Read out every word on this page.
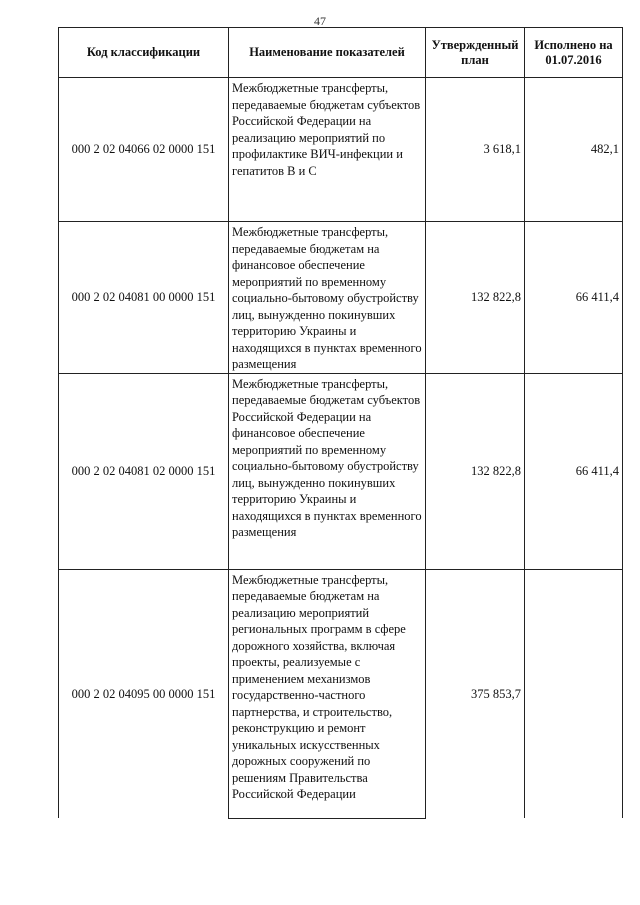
47
Код классификации	Наименование показателей	Утвержденный план	Исполнено на 01.07.2016
000 2 02 04066 02 0000 151	Межбюджетные трансферты, передаваемые бюджетам субъектов Российской Федерации на реализацию мероприятий по профилактике ВИЧ-инфекции и гепатитов В и С	3 618,1	482,1
000 2 02 04081 00 0000 151	Межбюджетные трансферты, передаваемые бюджетам на финансовое обеспечение мероприятий по временному социально-бытовому обустройству лиц, вынужденно покинувших территорию Украины и находящихся в пунктах временного размещения	132 822,8	66 411,4
000 2 02 04081 02 0000 151	Межбюджетные трансферты, передаваемые бюджетам субъектов Российской Федерации на финансовое обеспечение мероприятий по временному социально-бытовому обустройству лиц, вынужденно покинувших территорию Украины и находящихся в пунктах временного размещения	132 822,8	66 411,4
000 2 02 04095 00 0000 151	Межбюджетные трансферты, передаваемые бюджетам на реализацию мероприятий региональных программ в сфере дорожного хозяйства, включая проекты, реализуемые с применением механизмов государственно-частного партнерства, и строительство, реконструкцию и ремонт уникальных искусственных дорожных сооружений по решениям Правительства Российской Федерации	375 853,7	
